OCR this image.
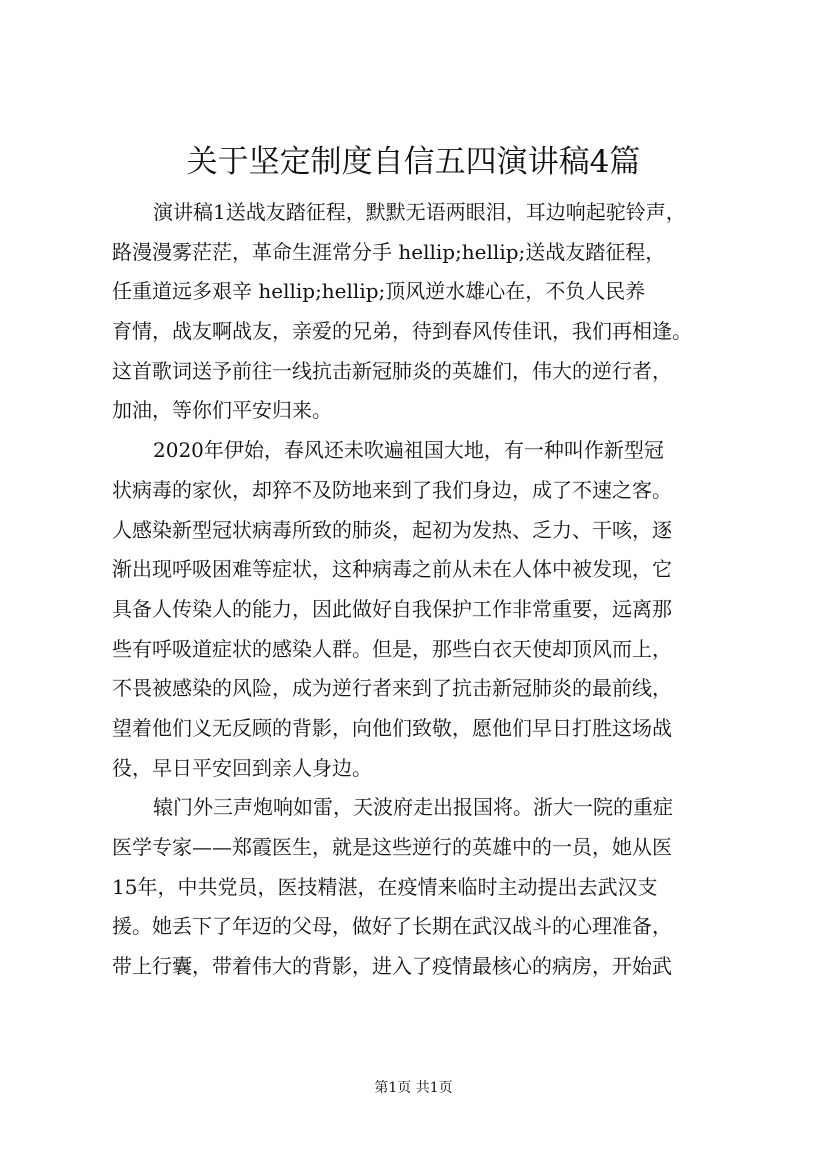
关于坚定制度自信五四演讲稿4篇
演讲稿1送战友踏征程，默默无语两眼泪，耳边响起驼铃声，
路漫漫雾茫茫，革命生涯常分手 hellip;hellip;送战友踏征程，
任重道远多艰辛 hellip;hellip;顶风逆水雄心在，不负人民养
育情，战友啊战友，亲爱的兄弟，待到春风传佳讯，我们再相逢。
这首歌词送予前往一线抗击新冠肺炎的英雄们，伟大的逆行者，
加油，等你们平安归来。
2020年伊始，春风还未吹遍祖国大地，有一种叫作新型冠
状病毒的家伙，却猝不及防地来到了我们身边，成了不速之客。
人感染新型冠状病毒所致的肺炎，起初为发热、乏力、干咳，逐
渐出现呼吸困难等症状，这种病毒之前从未在人体中被发现，它
具备人传染人的能力，因此做好自我保护工作非常重要，远离那
些有呼吸道症状的感染人群。但是，那些白衣天使却顶风而上，
不畏被感染的风险，成为逆行者来到了抗击新冠肺炎的最前线，
望着他们义无反顾的背影，向他们致敬，愿他们早日打胜这场战
役，早日平安回到亲人身边。
辕门外三声炮响如雷，天波府走出报国将。浙大一院的重症
医学专家——郑霞医生，就是这些逆行的英雄中的一员，她从医
15年，中共党员，医技精湛，在疫情来临时主动提出去武汉支
援。她丢下了年迈的父母，做好了长期在武汉战斗的心理准备，
带上行囊，带着伟大的背影，进入了疫情最核心的病房，开始武
第1页 共1页
